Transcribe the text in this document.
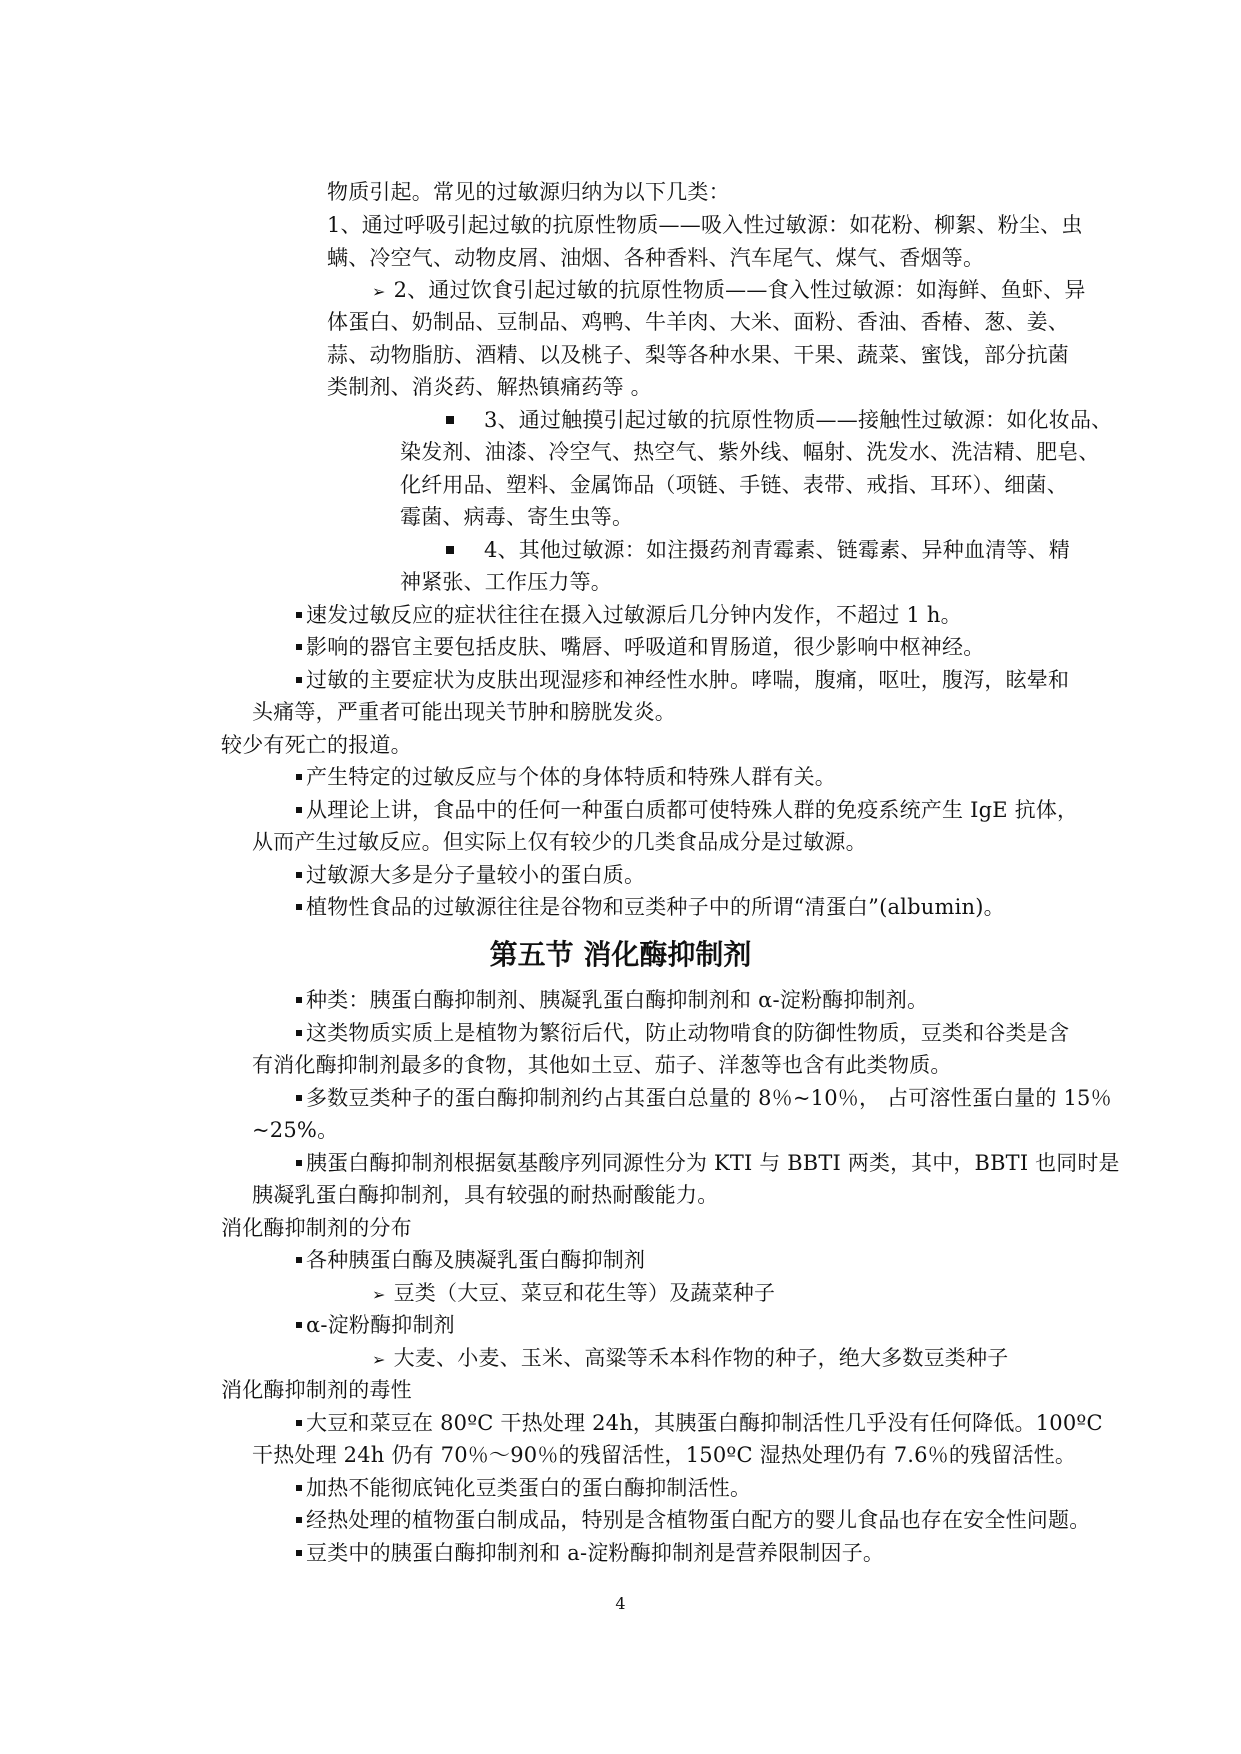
物质引起。常见的过敏源归纳为以下几类：
1、通过呼吸引起过敏的抗原性物质——吸入性过敏源：如花粉、柳絮、粉尘、虫
螨、冷空气、动物皮屑、油烟、各种香料、汽车尾气、煤气、香烟等。
➢ 2、通过饮食引起过敏的抗原性物质——食入性过敏源：如海鲜、鱼虾、异
体蛋白、奶制品、豆制品、鸡鸭、牛羊肉、大米、面粉、香油、香椿、葱、姜、
蒜、动物脂肪、酒精、以及桃子、梨等各种水果、干果、蔬菜、蜜饯，部分抗菌
类制剂、消炎药、解热镇痛药等 。
3、通过触摸引起过敏的抗原性物质——接触性过敏源：如化妆品、
染发剂、油漆、冷空气、热空气、紫外线、幅射、洗发水、洗洁精、肥皂、
化纤用品、塑料、金属饰品（项链、手链、表带、戒指、耳环）、细菌、
霉菌、病毒、寄生虫等。
4、其他过敏源：如注摄药剂青霉素、链霉素、异种血清等、精
神紧张、工作压力等。
速发过敏反应的症状往往在摄入过敏源后几分钟内发作，不超过 1 h。
影响的器官主要包括皮肤、嘴唇、呼吸道和胃肠道，很少影响中枢神经。
过敏的主要症状为皮肤出现湿疹和神经性水肿。哮喘，腹痛，呕吐，腹泻，眩晕和
头痛等，严重者可能出现关节肿和膀胱发炎。
较少有死亡的报道。
产生特定的过敏反应与个体的身体特质和特殊人群有关。
从理论上讲，食品中的任何一种蛋白质都可使特殊人群的免疫系统产生 IgE 抗体，
从而产生过敏反应。但实际上仅有较少的几类食品成分是过敏源。
过敏源大多是分子量较小的蛋白质。
植物性食品的过敏源往往是谷物和豆类种子中的所谓“清蛋白”(albumin)。
第五节 消化酶抑制剂
种类：胰蛋白酶抑制剂、胰凝乳蛋白酶抑制剂和 α-淀粉酶抑制剂。
这类物质实质上是植物为繁衍后代，防止动物啃食的防御性物质，豆类和谷类是含
有消化酶抑制剂最多的食物，其他如土豆、茄子、洋葱等也含有此类物质。
多数豆类种子的蛋白酶抑制剂约占其蛋白总量的 8％~10％， 占可溶性蛋白量的 15％
~25%。
胰蛋白酶抑制剂根据氨基酸序列同源性分为 KTI 与 BBTI 两类，其中，BBTI 也同时是
胰凝乳蛋白酶抑制剂，具有较强的耐热耐酸能力。
消化酶抑制剂的分布
各种胰蛋白酶及胰凝乳蛋白酶抑制剂
➢ 豆类（大豆、菜豆和花生等）及蔬菜种子
α-淀粉酶抑制剂
➢ 大麦、小麦、玉米、高粱等禾本科作物的种子，绝大多数豆类种子
消化酶抑制剂的毒性
大豆和菜豆在 80ºC 干热处理 24h，其胰蛋白酶抑制活性几乎没有任何降低。100ºC
干热处理 24h 仍有 70％～90％的残留活性，150ºC 湿热处理仍有 7.6％的残留活性。
加热不能彻底钝化豆类蛋白的蛋白酶抑制活性。
经热处理的植物蛋白制成品，特别是含植物蛋白配方的婴儿食品也存在安全性问题。
豆类中的胰蛋白酶抑制剂和 a-淀粉酶抑制剂是营养限制因子。
4
